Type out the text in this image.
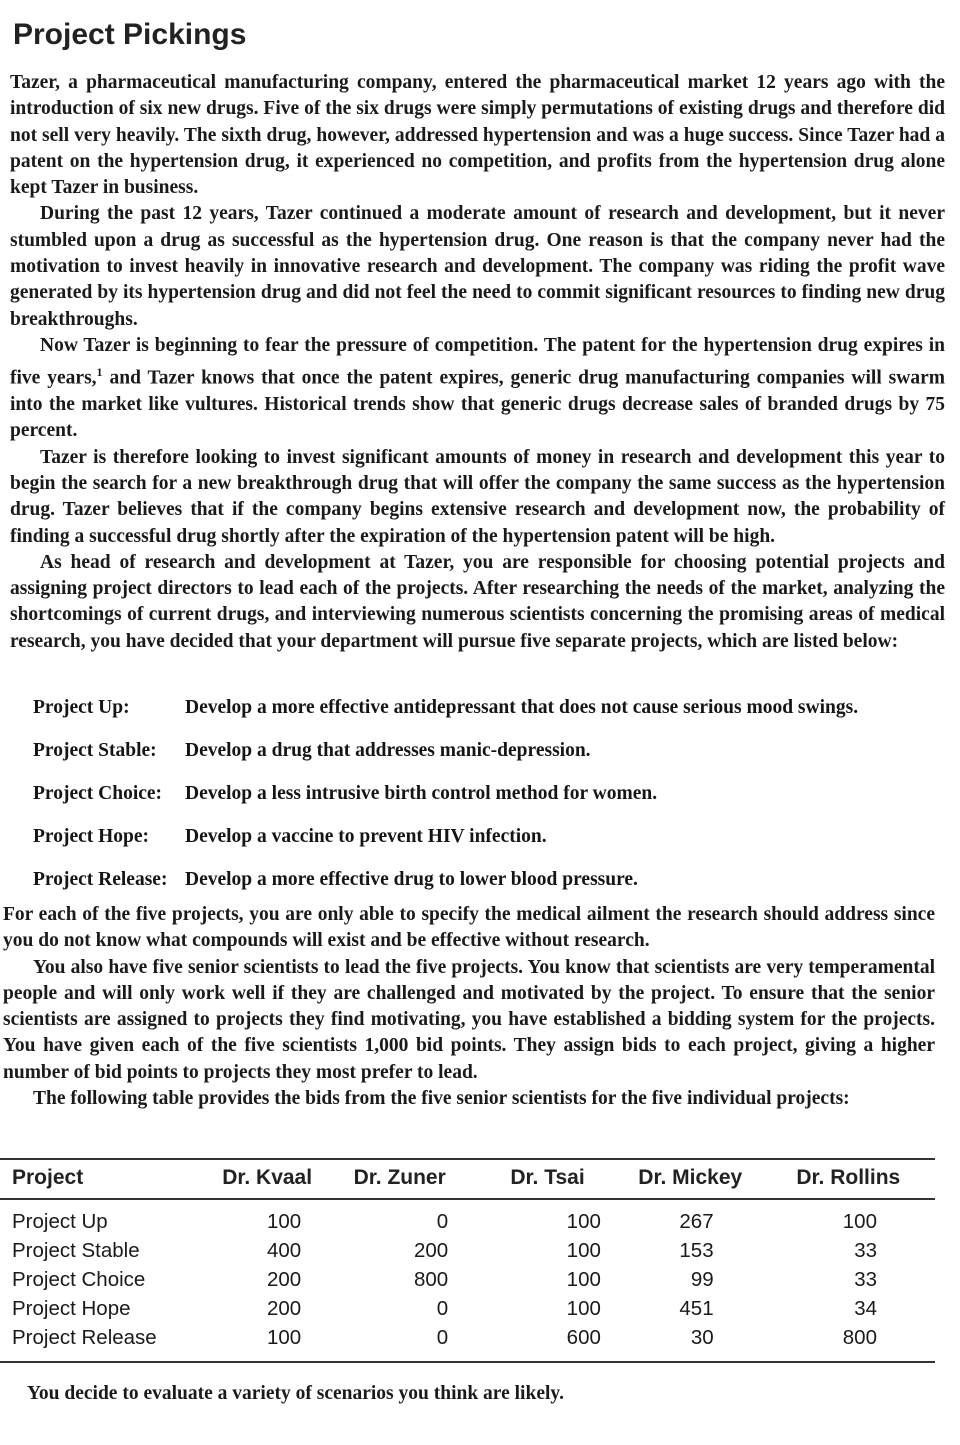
Project Pickings

Tazer, a pharmaceutical manufacturing company, entered the pharmaceutical market 12 years ago with the introduction of six new drugs. Five of the six drugs were simply permutations of existing drugs and therefore did not sell very heavily. The sixth drug, however, addressed hypertension and was a huge success. Since Tazer had a patent on the hypertension drug, it experienced no competition, and profits from the hypertension drug alone kept Tazer in business.

During the past 12 years, Tazer continued a moderate amount of research and development, but it never stumbled upon a drug as successful as the hypertension drug. One reason is that the company never had the motivation to invest heavily in innovative research and development. The company was riding the profit wave generated by its hypertension drug and did not feel the need to commit significant resources to finding new drug breakthroughs.

Now Tazer is beginning to fear the pressure of competition. The patent for the hypertension drug expires in five years,$^1$ and Tazer knows that once the patent expires, generic drug manufacturing companies will swarm into the market like vultures. Historical trends show that generic drugs decrease sales of branded drugs by 75 percent.

Tazer is therefore looking to invest significant amounts of money in research and development this year to begin the search for a new breakthrough drug that will offer the company the same success as the hypertension drug. Tazer believes that if the company begins extensive research and development now, the probability of finding a successful drug shortly after the expiration of the hypertension patent will be high.

As head of research and development at Tazer, you are responsible for choosing potential projects and assigning project directors to lead each of the projects. After researching the needs of the market, analyzing the shortcomings of current drugs, and interviewing numerous scientists concerning the promising areas of medical research, you have decided that your department will pursue five separate projects, which are listed below:

Project Up:	Develop a more effective antidepressant that does not cause serious mood swings.
Project Stable:	Develop a drug that addresses manic-depression.
Project Choice:	Develop a less intrusive birth control method for women.
Project Hope:	Develop a vaccine to prevent HIV infection.
Project Release: Develop a more effective drug to lower blood pressure.

For each of the five projects, you are only able to specify the medical ailment the research should address since you do not know what compounds will exist and be effective without research.

You also have five senior scientists to lead the five projects. You know that scientists are very temperamental people and will only work well if they are challenged and motivated by the project. To ensure that the senior scientists are assigned to projects they find motivating, you have established a bidding system for the projects. You have given each of the five scientists 1,000 bid points. They assign bids to each project, giving a higher number of bid points to projects they most prefer to lead.

The following table provides the bids from the five senior scientists for the five individual projects:

Project	Dr. Kvaal	Dr. Zuner	Dr. Tsai	Dr. Mickey	Dr. Rollins
Project Up	100	0	100	267	100
Project Stable	400	200	100	153	33
Project Choice	200	800	100	99	33
Project Hope	200	0	100	451	34
Project Release	100	0	600	30	800

You decide to evaluate a variety of scenarios you think are likely.
